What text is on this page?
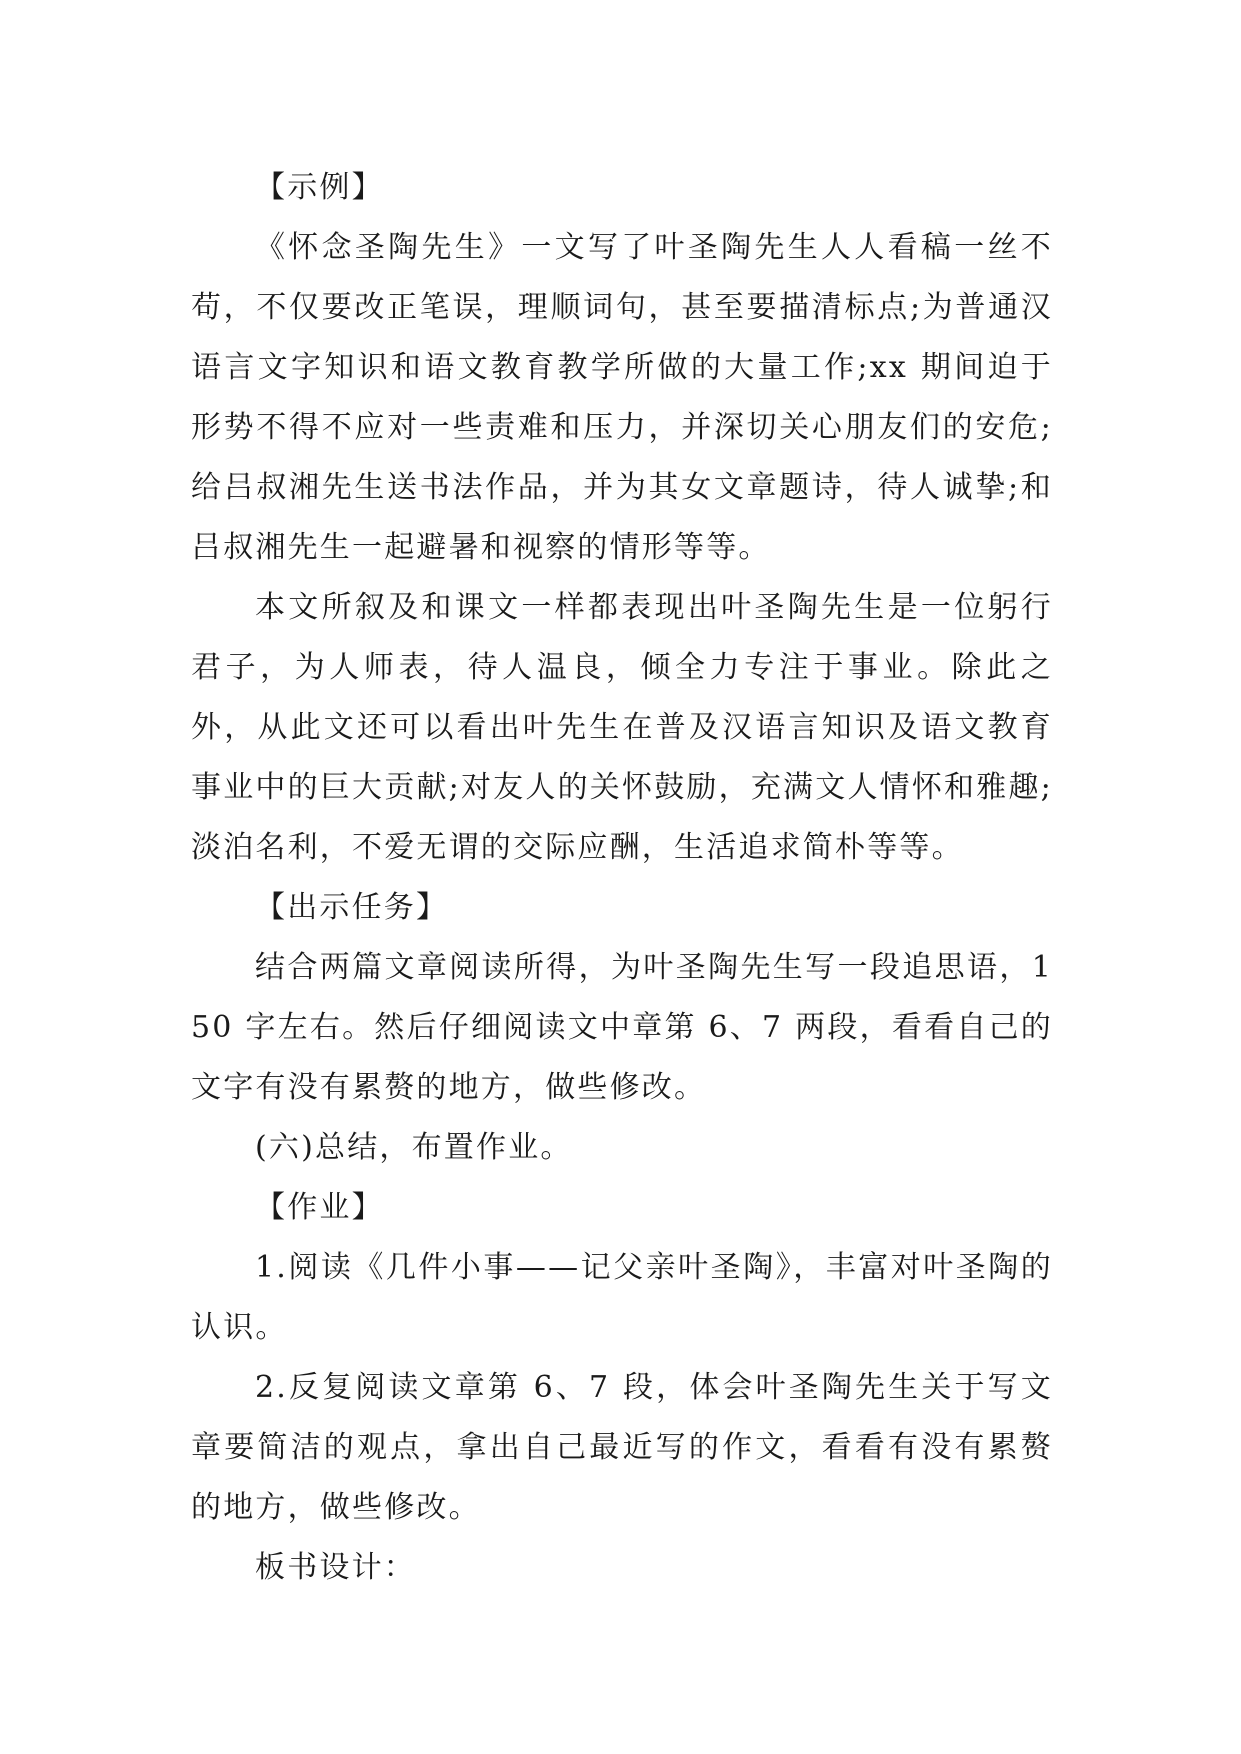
【示例】

《怀念圣陶先生》一文写了叶圣陶先生人人看稿一丝不苟，不仅要改正笔误，理顺词句，甚至要描清标点;为普通汉语言文字知识和语文教育教学所做的大量工作;xx 期间迫于形势不得不应对一些责难和压力，并深切关心朋友们的安危;给吕叔湘先生送书法作品，并为其女文章题诗，待人诚挚;和吕叔湘先生一起避暑和视察的情形等等。

本文所叙及和课文一样都表现出叶圣陶先生是一位躬行君子，为人师表，待人温良，倾全力专注于事业。除此之外，从此文还可以看出叶先生在普及汉语言知识及语文教育事业中的巨大贡献;对友人的关怀鼓励，充满文人情怀和雅趣;淡泊名利，不爱无谓的交际应酬，生活追求简朴等等。

【出示任务】

结合两篇文章阅读所得，为叶圣陶先生写一段追思语，150 字左右。然后仔细阅读文中章第 6、7 两段，看看自己的文字有没有累赘的地方，做些修改。

(六)总结，布置作业。

【作业】

1.阅读《几件小事——记父亲叶圣陶》，丰富对叶圣陶的认识。

2.反复阅读文章第 6、7 段，体会叶圣陶先生关于写文章要简洁的观点，拿出自己最近写的作文，看看有没有累赘的地方，做些修改。

板书设计：
